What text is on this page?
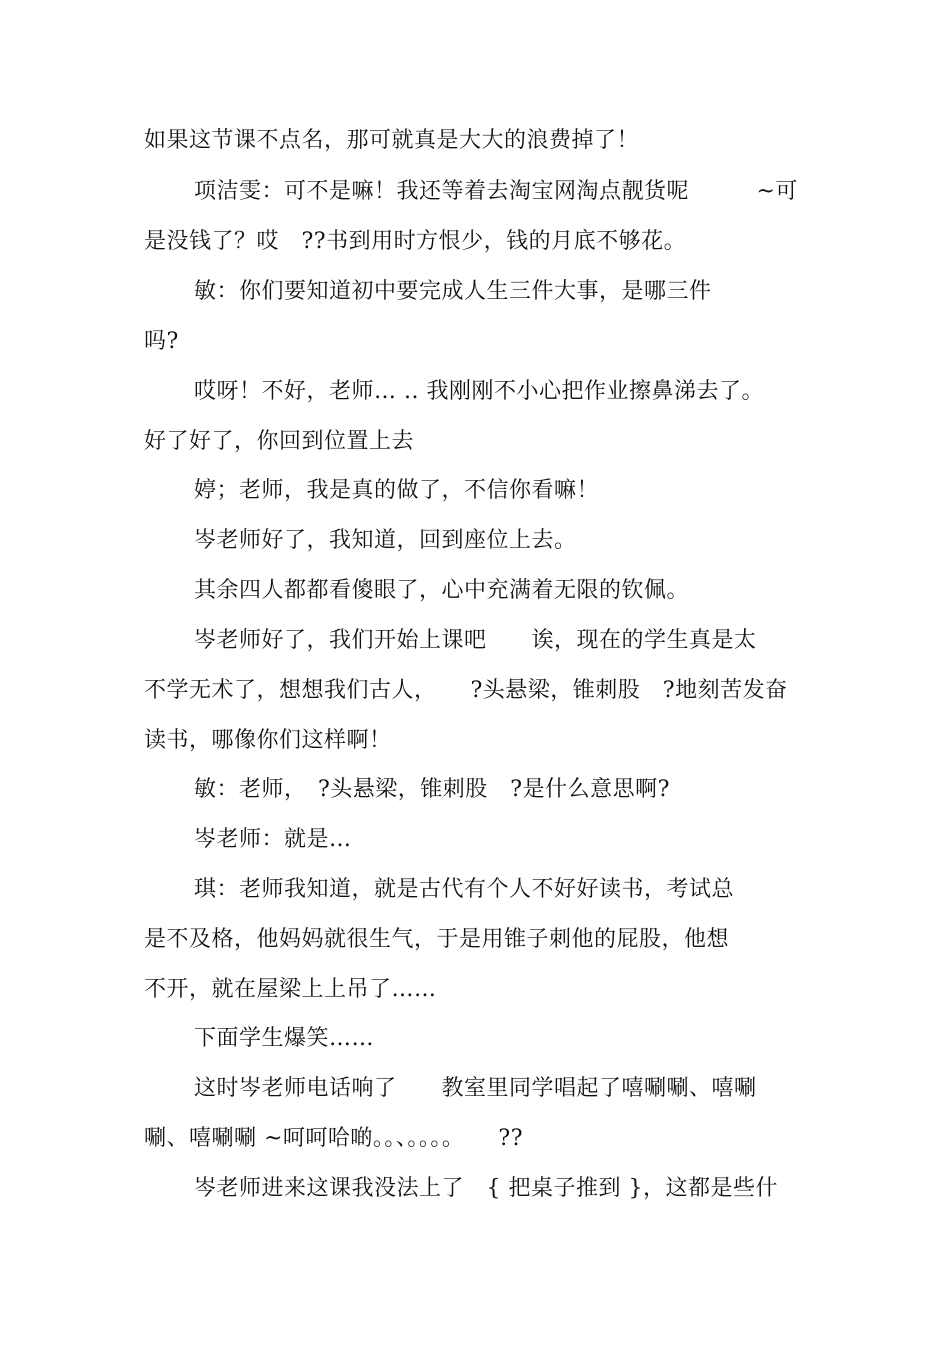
如果这节课不点名，那可就真是大大的浪费掉了！
项洁雯：可不是嘛！我还等着去淘宝网淘点靓货呢　　　~可
是没钱了？哎　??书到用时方恨少，钱的月底不够花。
敏：你们要知道初中要完成人生三件大事，是哪三件
吗?
哎呀！不好，老师… .. 我刚刚不小心把作业擦鼻涕去了。
好了好了，你回到位置上去
婷；老师，我是真的做了，不信你看嘛！
岑老师好了，我知道，回到座位上去。
其余四人都都看傻眼了，心中充满着无限的钦佩。
岑老师好了，我们开始上课吧　　诶，现在的学生真是太
不学无术了，想想我们古人，　　?头悬梁，锥刺股　?地刻苦发奋
读书，哪像你们这样啊！
敏：老师，　?头悬梁，锥刺股　?是什么意思啊?
岑老师：就是…
琪：老师我知道，就是古代有个人不好好读书，考试总
是不及格，他妈妈就很生气，于是用锥子刺他的屁股，他想
不开，就在屋梁上上吊了……
下面学生爆笑……
这时岑老师电话响了　　教室里同学唱起了嘻唰唰、嘻唰
唰、嘻唰唰 ~呵呵哈啲。。、。。。。　　??
岑老师进来这课我没法上了　{ 把桌子推到 }，这都是些什
